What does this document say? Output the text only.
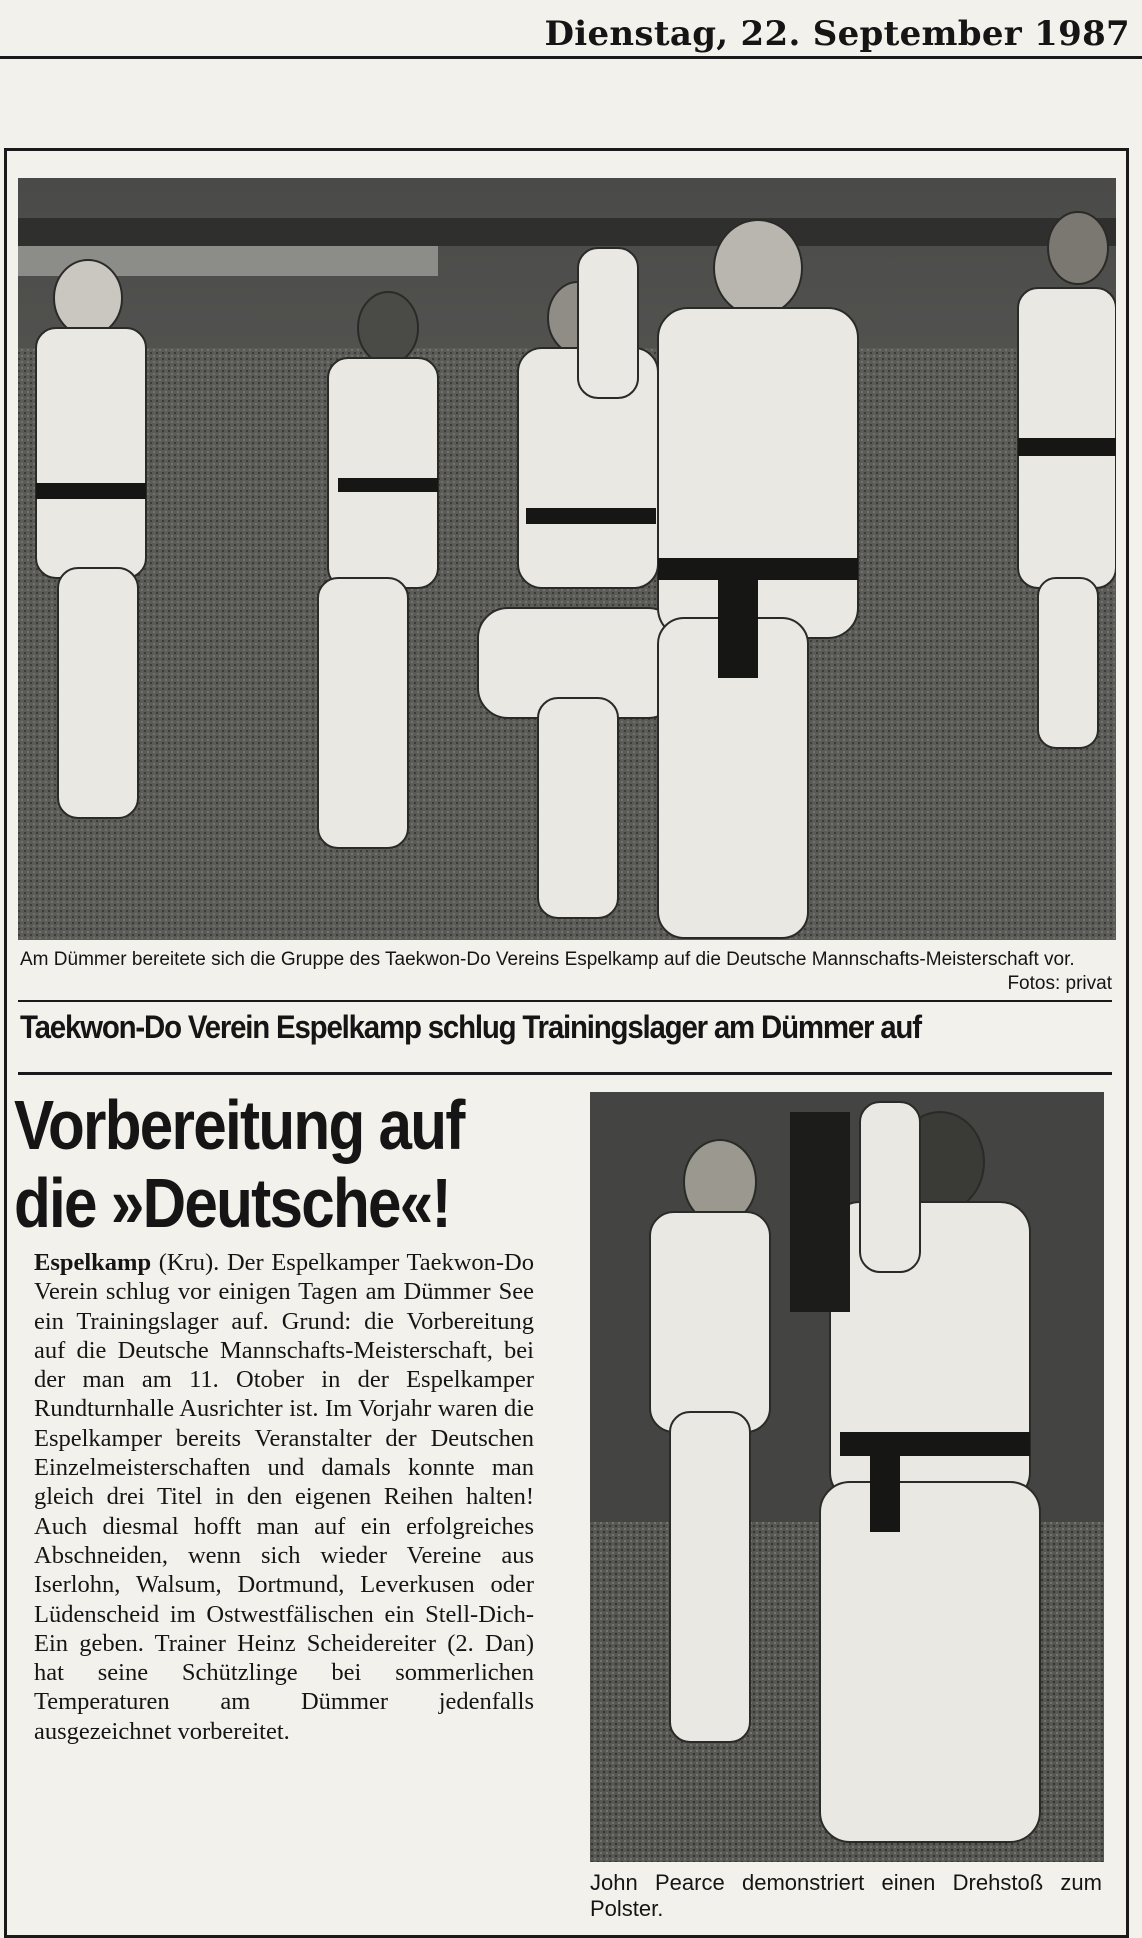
Dienstag, 22. September 1987
Am Dümmer bereitete sich die Gruppe des Taekwon-Do Vereins Espelkamp auf die Deutsche Mannschafts-Meisterschaft vor.
Fotos: privat
Taekwon-Do Verein Espelkamp schlug Trainingslager am Dümmer auf
Vorbereitung auf
die »Deutsche«!
Espelkamp (Kru). Der Espelkamper Taekwon-Do Verein schlug vor einigen Tagen am Dümmer See ein Trainingslager auf. Grund: die Vorbereitung auf die Deutsche Mannschafts-Meisterschaft, bei der man am 11. Otober in der Espelkamper Rundturnhalle Ausrichter ist. Im Vorjahr waren die Espelkamper bereits Veranstalter der Deutschen Einzelmeisterschaften und damals konnte man gleich drei Titel in den eigenen Reihen halten! Auch diesmal hofft man auf ein erfolgreiches Abschneiden, wenn sich wieder Vereine aus Iserlohn, Walsum, Dortmund, Leverkusen oder Lüdenscheid im Ostwestfälischen ein Stell-Dich-Ein geben. Trainer Heinz Scheidereiter (2. Dan) hat seine Schützlinge bei sommerlichen Temperaturen am Dümmer jedenfalls ausgezeichnet vorbereitet.
John Pearce demonstriert einen Drehstoß zum Polster.
